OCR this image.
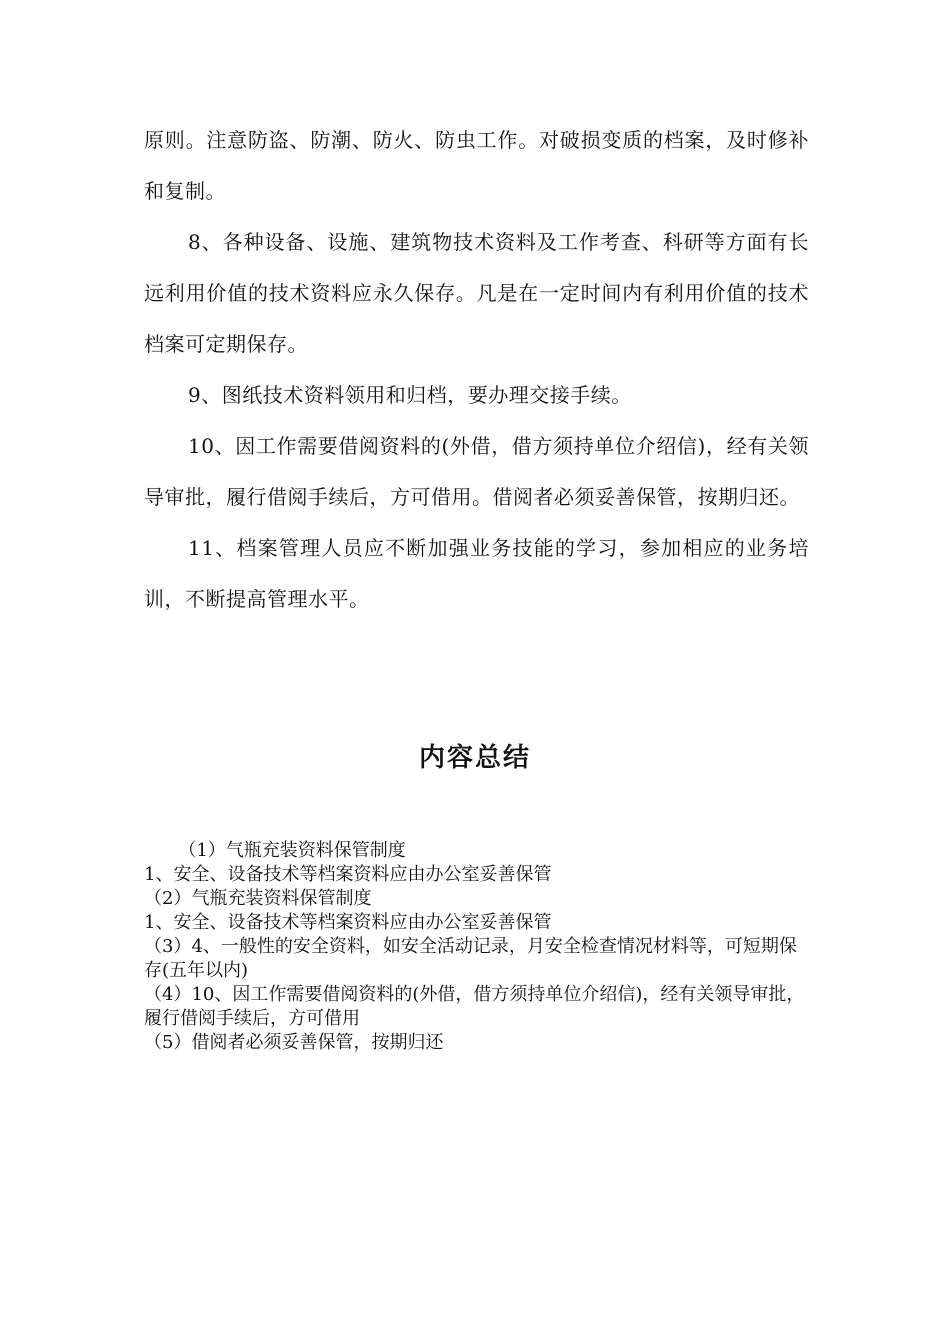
原则。注意防盗、防潮、防火、防虫工作。对破损变质的档案，及时修补和复制。

8、各种设备、设施、建筑物技术资料及工作考查、科研等方面有长远利用价值的技术资料应永久保存。凡是在一定时间内有利用价值的技术档案可定期保存。

9、图纸技术资料领用和归档，要办理交接手续。

10、因工作需要借阅资料的(外借，借方须持单位介绍信)，经有关领导审批，履行借阅手续后，方可借用。借阅者必须妥善保管，按期归还。

11、档案管理人员应不断加强业务技能的学习，参加相应的业务培训，不断提高管理水平。

内容总结

（1）气瓶充装资料保管制度

1、安全、设备技术等档案资料应由办公室妥善保管

（2）气瓶充装资料保管制度

1、安全、设备技术等档案资料应由办公室妥善保管

（3）4、一般性的安全资料，如安全活动记录，月安全检查情况材料等，可短期保存(五年以内)

（4）10、因工作需要借阅资料的(外借，借方须持单位介绍信)，经有关领导审批，履行借阅手续后，方可借用

（5）借阅者必须妥善保管，按期归还
